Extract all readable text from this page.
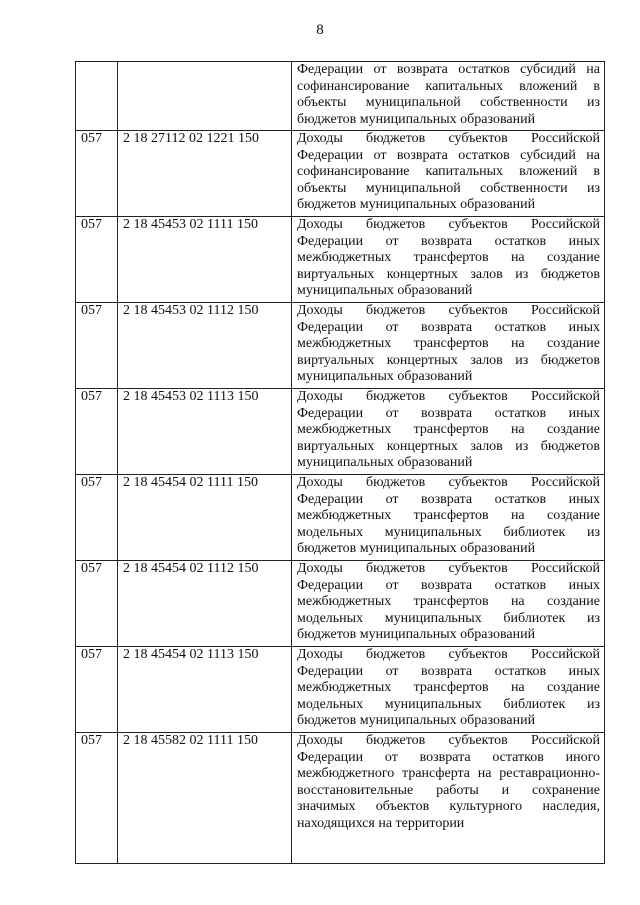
8
		Федерации от возврата остатков субсидий на софинансирование капитальных вложений в объекты муниципальной собственности из бюджетов муниципальных образований
057	2 18 27112 02 1221 150	Доходы бюджетов субъектов Российской Федерации от возврата остатков субсидий на софинансирование капитальных вложений в объекты муниципальной собственности из бюджетов муниципальных образований
057	2 18 45453 02 1111 150	Доходы бюджетов субъектов Российской Федерации от возврата остатков иных межбюджетных трансфертов на создание виртуальных концертных залов из бюджетов муниципальных образований
057	2 18 45453 02 1112 150	Доходы бюджетов субъектов Российской Федерации от возврата остатков иных межбюджетных трансфертов на создание виртуальных концертных залов из бюджетов муниципальных образований
057	2 18 45453 02 1113 150	Доходы бюджетов субъектов Российской Федерации от возврата остатков иных межбюджетных трансфертов на создание виртуальных концертных залов из бюджетов муниципальных образований
057	2 18 45454 02 1111 150	Доходы бюджетов субъектов Российской Федерации от возврата остатков иных межбюджетных трансфертов на создание модельных муниципальных библиотек из бюджетов муниципальных образований
057	2 18 45454 02 1112 150	Доходы бюджетов субъектов Российской Федерации от возврата остатков иных межбюджетных трансфертов на создание модельных муниципальных библиотек из бюджетов муниципальных образований
057	2 18 45454 02 1113 150	Доходы бюджетов субъектов Российской Федерации от возврата остатков иных межбюджетных трансфертов на создание модельных муниципальных библиотек из бюджетов муниципальных образований
057	2 18 45582 02 1111 150	Доходы бюджетов субъектов Российской Федерации от возврата остатков иного межбюджетного трансферта на реставрационно-восстановительные работы и сохранение значимых объектов культурного наследия, находящихся на территории
